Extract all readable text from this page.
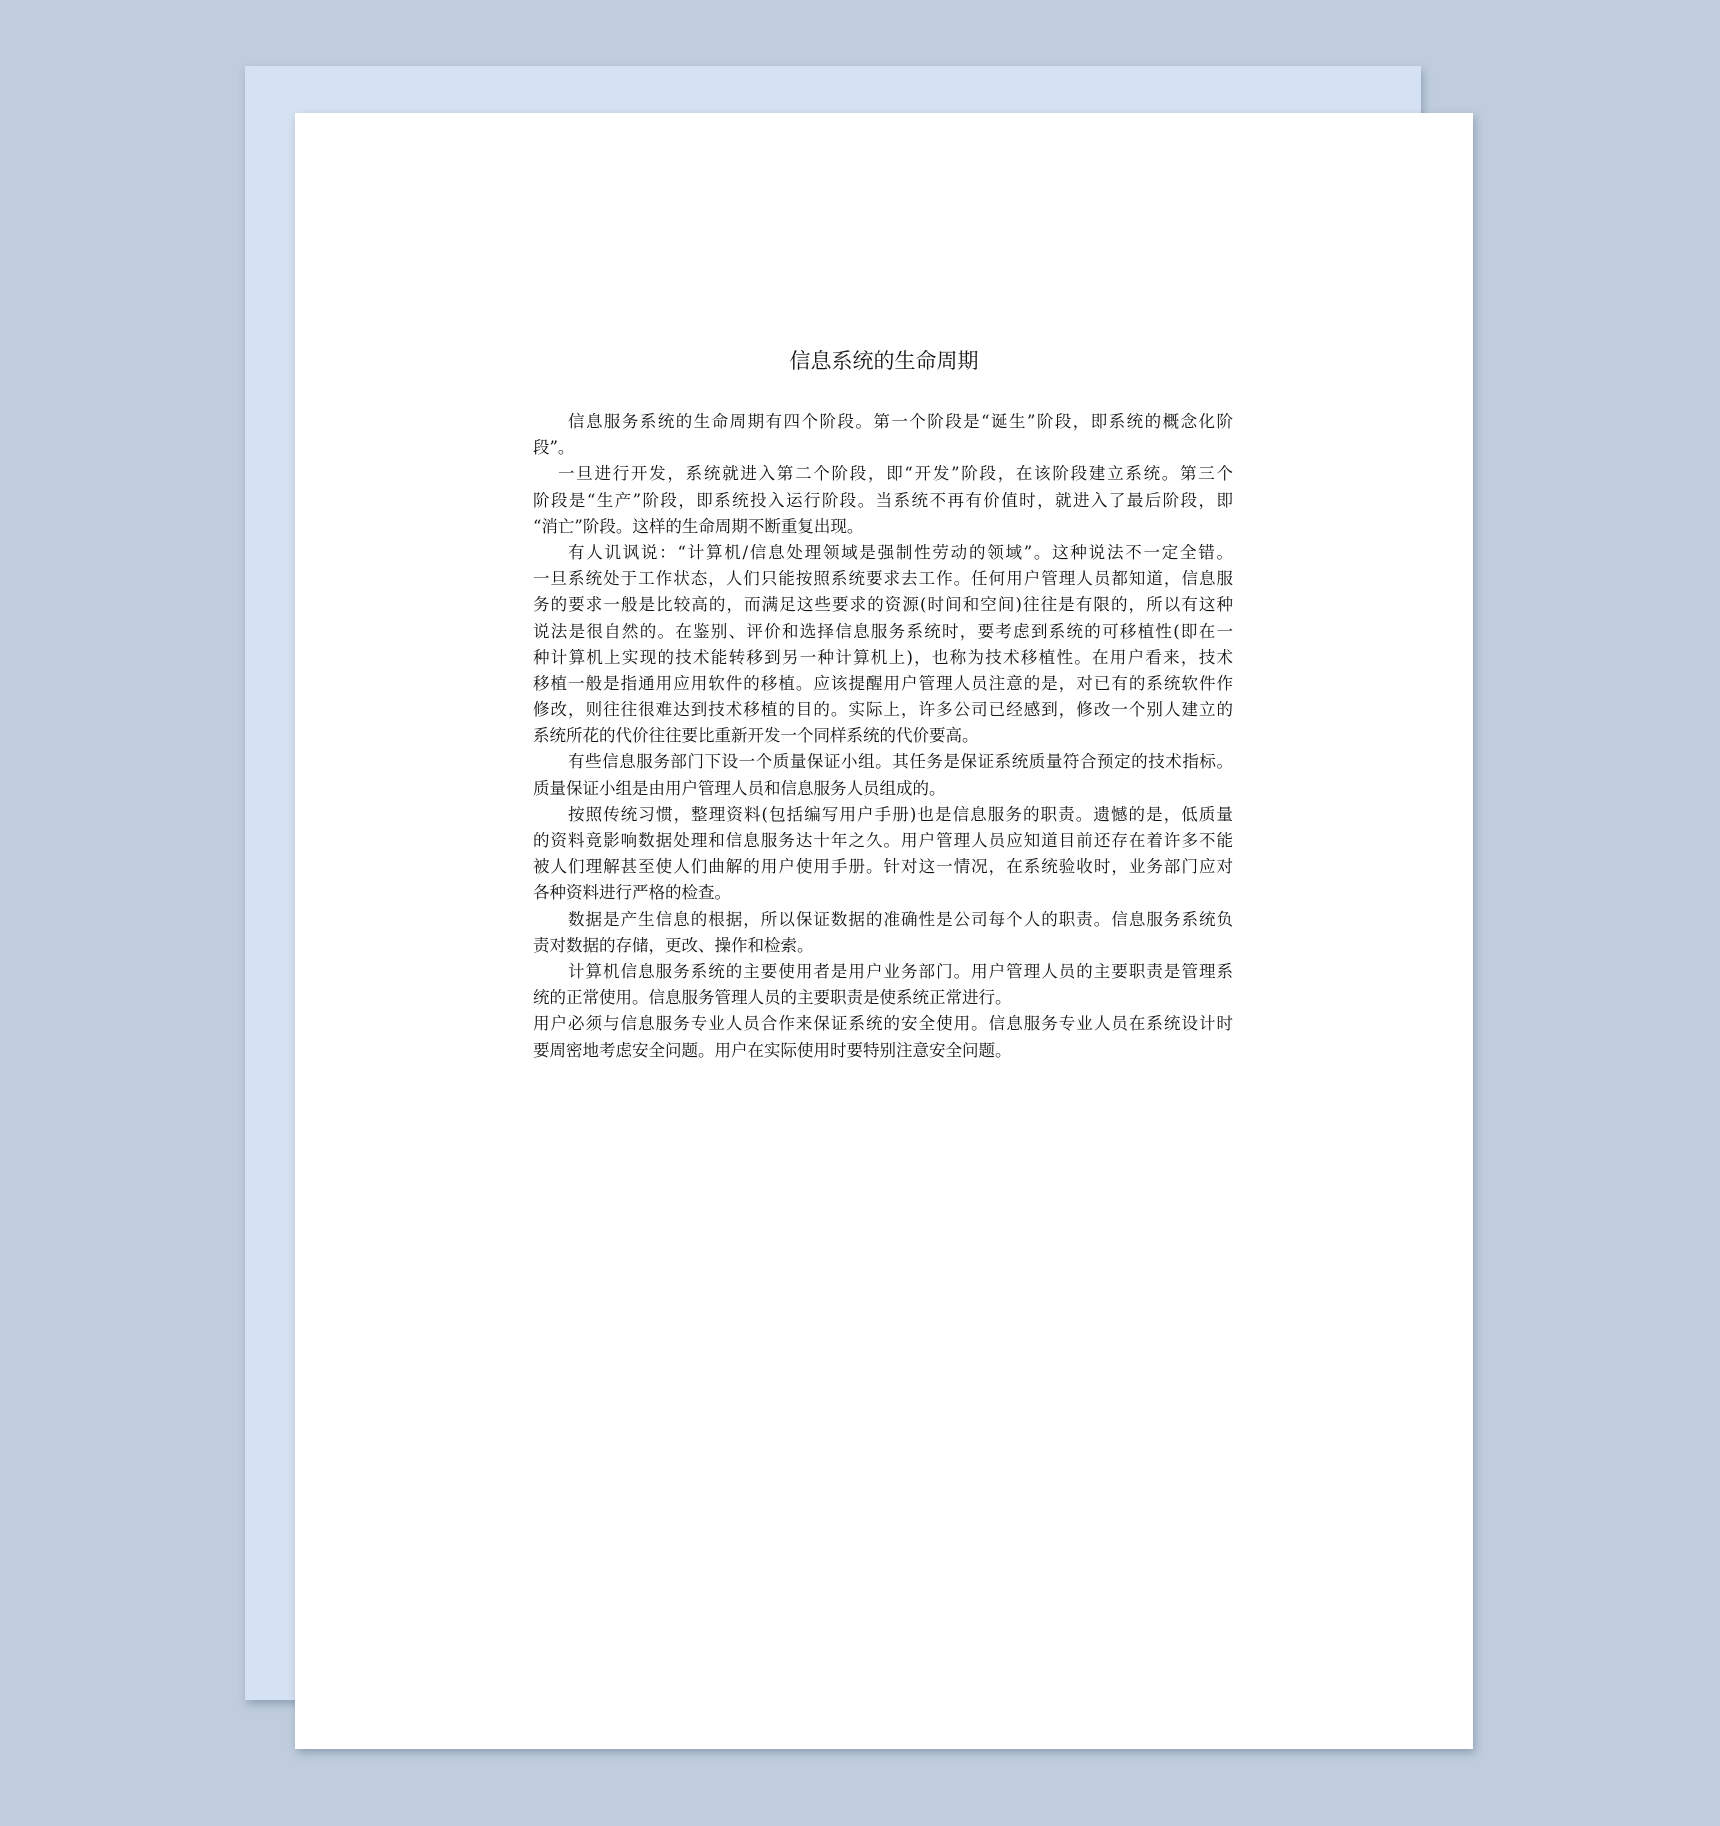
信息系统的生命周期
信息服务系统的生命周期有四个阶段。第一个阶段是“诞生”阶段，即系统的概念化阶
段”。
一旦进行开发，系统就进入第二个阶段，即“开发”阶段，在该阶段建立系统。第三个
阶段是“生产”阶段，即系统投入运行阶段。当系统不再有价值时，就进入了最后阶段，即
“消亡”阶段。这样的生命周期不断重复出现。
有人讥讽说：“计算机/信息处理领域是强制性劳动的领域”。这种说法不一定全错。
一旦系统处于工作状态，人们只能按照系统要求去工作。任何用户管理人员都知道，信息服
务的要求一般是比较高的，而满足这些要求的资源(时间和空间)往往是有限的，所以有这种
说法是很自然的。在鉴别、评价和选择信息服务系统时，要考虑到系统的可移植性(即在一
种计算机上实现的技术能转移到另一种计算机上)，也称为技术移植性。在用户看来，技术
移植一般是指通用应用软件的移植。应该提醒用户管理人员注意的是，对已有的系统软件作
修改，则往往很难达到技术移植的目的。实际上，许多公司已经感到，修改一个别人建立的
系统所花的代价往往要比重新开发一个同样系统的代价要高。
有些信息服务部门下设一个质量保证小组。其任务是保证系统质量符合预定的技术指标。
质量保证小组是由用户管理人员和信息服务人员组成的。
按照传统习惯，整理资料(包括编写用户手册)也是信息服务的职责。遗憾的是，低质量
的资料竟影响数据处理和信息服务达十年之久。用户管理人员应知道目前还存在着许多不能
被人们理解甚至使人们曲解的用户使用手册。针对这一情况，在系统验收时，业务部门应对
各种资料进行严格的检查。
数据是产生信息的根据，所以保证数据的准确性是公司每个人的职责。信息服务系统负
责对数据的存储，更改、操作和检索。
计算机信息服务系统的主要使用者是用户业务部门。用户管理人员的主要职责是管理系
统的正常使用。信息服务管理人员的主要职责是使系统正常进行。
用户必须与信息服务专业人员合作来保证系统的安全使用。信息服务专业人员在系统设计时
要周密地考虑安全问题。用户在实际使用时要特别注意安全问题。
